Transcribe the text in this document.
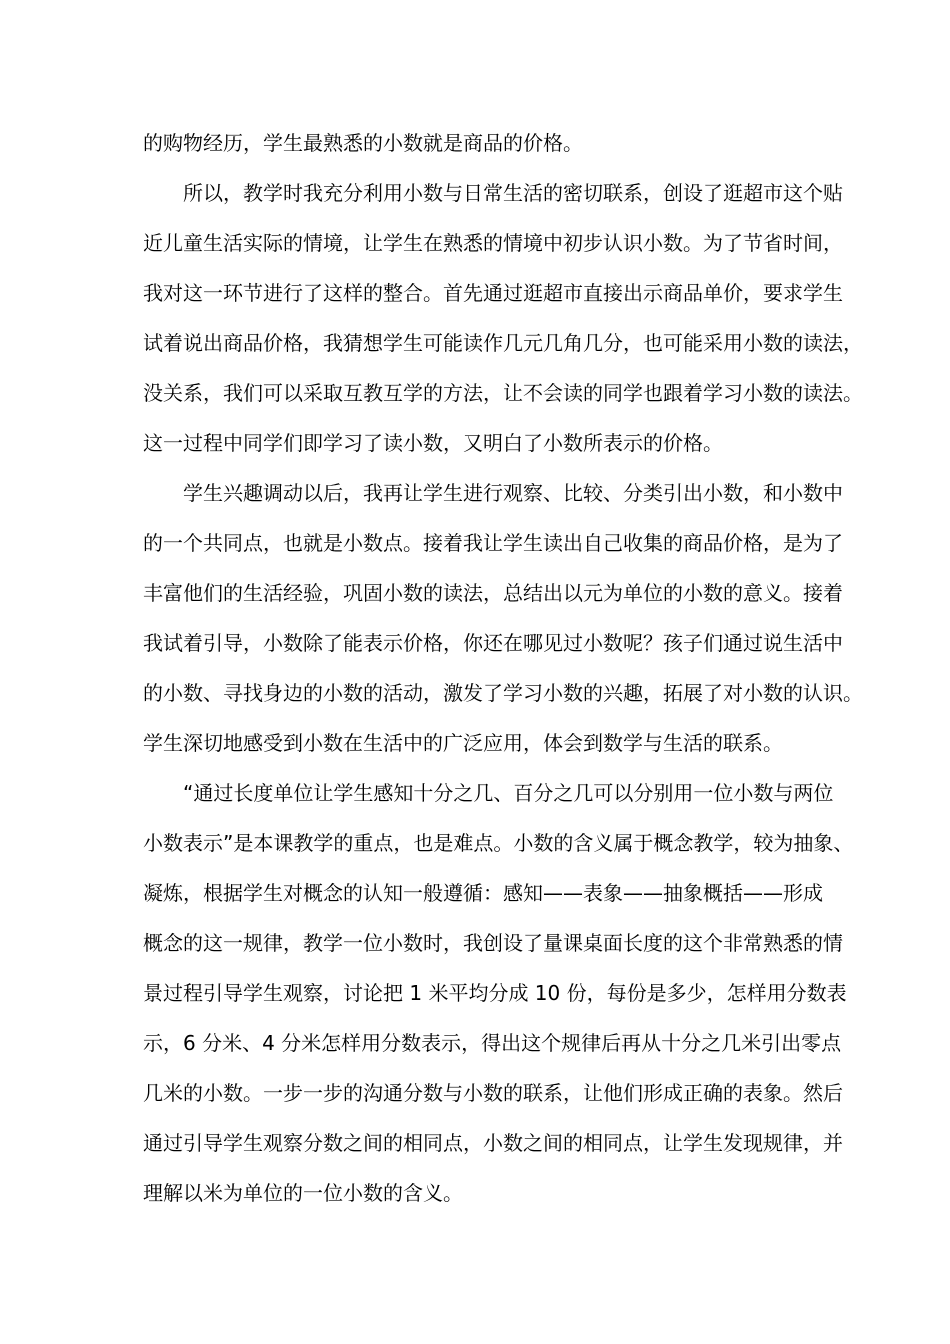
的购物经历，学生最熟悉的小数就是商品的价格。
所以，教学时我充分利用小数与日常生活的密切联系，创设了逛超市这个贴
近儿童生活实际的情境，让学生在熟悉的情境中初步认识小数。为了节省时间，
我对这一环节进行了这样的整合。首先通过逛超市直接出示商品单价，要求学生
试着说出商品价格，我猜想学生可能读作几元几角几分，也可能采用小数的读法，
没关系，我们可以采取互教互学的方法，让不会读的同学也跟着学习小数的读法。
这一过程中同学们即学习了读小数，又明白了小数所表示的价格。
学生兴趣调动以后，我再让学生进行观察、比较、分类引出小数，和小数中
的一个共同点，也就是小数点。接着我让学生读出自己收集的商品价格，是为了
丰富他们的生活经验，巩固小数的读法，总结出以元为单位的小数的意义。接着
我试着引导，小数除了能表示价格，你还在哪见过小数呢？孩子们通过说生活中
的小数、寻找身边的小数的活动，激发了学习小数的兴趣，拓展了对小数的认识。
学生深切地感受到小数在生活中的广泛应用，体会到数学与生活的联系。
“通过长度单位让学生感知十分之几、百分之几可以分别用一位小数与两位
小数表示”是本课教学的重点，也是难点。小数的含义属于概念教学，较为抽象、
凝炼，根据学生对概念的认知一般遵循：感知——表象——抽象概括——形成
概念的这一规律，教学一位小数时，我创设了量课桌面长度的这个非常熟悉的情
景过程引导学生观察，讨论把 1 米平均分成 10 份，每份是多少，怎样用分数表
示，6 分米、4 分米怎样用分数表示，得出这个规律后再从十分之几米引出零点
几米的小数。一步一步的沟通分数与小数的联系，让他们形成正确的表象。然后
通过引导学生观察分数之间的相同点，小数之间的相同点，让学生发现规律，并
理解以米为单位的一位小数的含义。
